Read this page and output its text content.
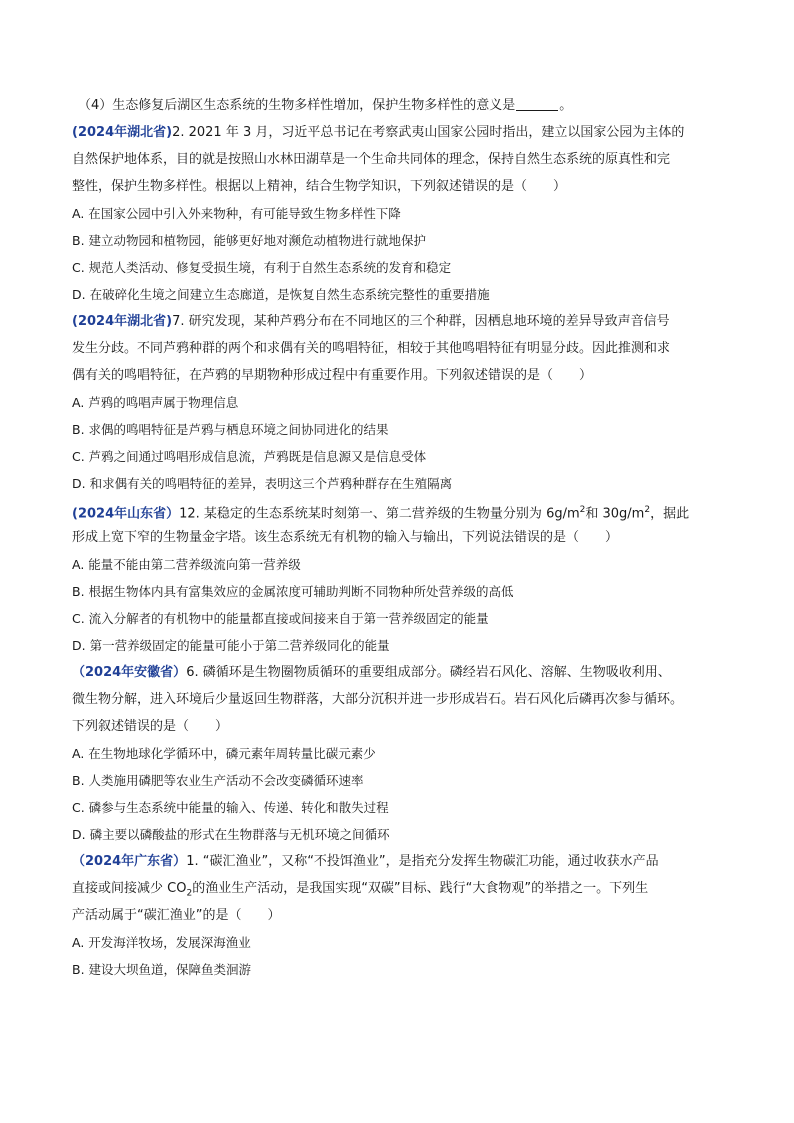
（4）生态修复后湖区生态系统的生物多样性增加，保护生物多样性的意义是	。
(2024年湖北省)2. 2021 年 3 月，习近平总书记在考察武夷山国家公园时指出，建立以国家公园为主体的
自然保护地体系，目的就是按照山水林田湖草是一个生命共同体的理念，保持自然生态系统的原真性和完
整性，保护生物多样性。根据以上精神，结合生物学知识，下列叙述错误的是（　　）
A. 在国家公园中引入外来物种，有可能导致生物多样性下降
B. 建立动物园和植物园，能够更好地对濒危动植物进行就地保护
C. 规范人类活动、修复受损生境，有利于自然生态系统的发育和稳定
D. 在破碎化生境之间建立生态廊道，是恢复自然生态系统完整性的重要措施
(2024年湖北省)7. 研究发现，某种芦鸦分布在不同地区的三个种群，因栖息地环境的差异导致声音信号
发生分歧。不同芦鸦种群的两个和求偶有关的鸣唱特征，相较于其他鸣唱特征有明显分歧。因此推测和求
偶有关的鸣唱特征，在芦鸦的早期物种形成过程中有重要作用。下列叙述错误的是（　　）
A. 芦鸦的鸣唱声属于物理信息
B. 求偶的鸣唱特征是芦鸦与栖息环境之间协同进化的结果
C. 芦鸦之间通过鸣唱形成信息流，芦鸦既是信息源又是信息受体
D. 和求偶有关的鸣唱特征的差异，表明这三个芦鸦种群存在生殖隔离
(2024年山东省）12. 某稳定的生态系统某时刻第一、第二营养级的生物量分别为 $6g/m^2$和 $30g/m^2$，据此
形成上宽下窄的生物量金字塔。该生态系统无有机物的输入与输出，下列说法错误的是（　　）
A. 能量不能由第二营养级流向第一营养级
B. 根据生物体内具有富集效应的金属浓度可辅助判断不同物种所处营养级的高低
C. 流入分解者的有机物中的能量都直接或间接来自于第一营养级固定的能量
D. 第一营养级固定的能量可能小于第二营养级同化的能量
（2024年安徽省）6. 磷循环是生物圈物质循环的重要组成部分。磷经岩石风化、溶解、生物吸收利用、
微生物分解，进入环境后少量返回生物群落，大部分沉积并进一步形成岩石。岩石风化后磷再次参与循环。
下列叙述错误的是（　　）
A. 在生物地球化学循环中，磷元素年周转量比碳元素少
B. 人类施用磷肥等农业生产活动不会改变磷循环速率
C. 磷参与生态系统中能量的输入、传递、转化和散失过程
D. 磷主要以磷酸盐的形式在生物群落与无机环境之间循环
（2024年广东省）1. “碳汇渔业”，又称“不投饵渔业”，是指充分发挥生物碳汇功能，通过收获水产品
直接或间接减少 $CO_2$的渔业生产活动，是我国实现“双碳”目标、践行“大食物观”的举措之一。下列生
产活动属于“碳汇渔业”的是（　　）
A. 开发海洋牧场，发展深海渔业
B. 建设大坝鱼道，保障鱼类洄游
